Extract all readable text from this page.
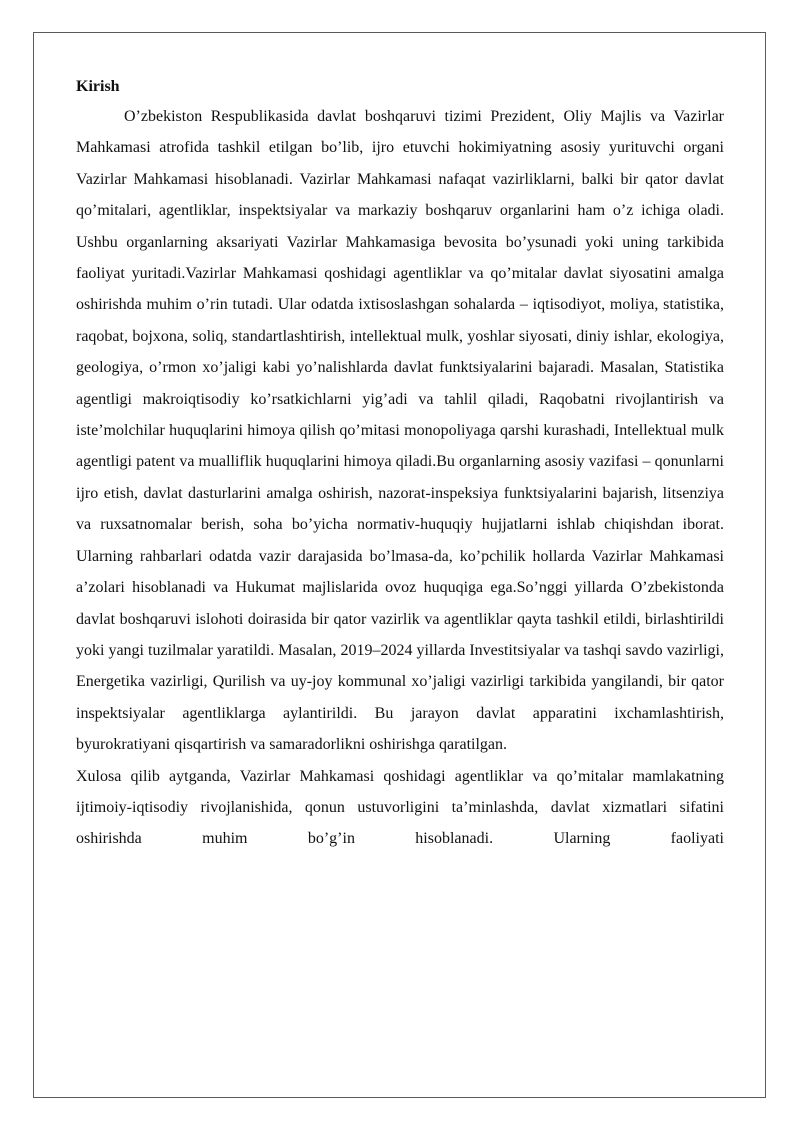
Kirish

O’zbekiston Respublikasida davlat boshqaruvi tizimi Prezident, Oliy Majlis va Vazirlar Mahkamasi atrofida tashkil etilgan bo’lib, ijro etuvchi hokimiyatning asosiy yurituvchi organi Vazirlar Mahkamasi hisoblanadi. Vazirlar Mahkamasi nafaqat vazirliklarni, balki bir qator davlat qo’mitalari, agentliklar, inspektsiyalar va markaziy boshqaruv organlarini ham o’z ichiga oladi. Ushbu organlarning aksariyati Vazirlar Mahkamasiga bevosita bo’ysunadi yoki uning tarkibida faoliyat yuritadi.Vazirlar Mahkamasi qoshidagi agentliklar va qo’mitalar davlat siyosatini amalga oshirishda muhim o’rin tutadi. Ular odatda ixtisoslashgan sohalarda – iqtisodiyot, moliya, statistika, raqobat, bojxona, soliq, standartlashtirish, intellektual mulk, yoshlar siyosati, diniy ishlar, ekologiya, geologiya, o’rmon xo’jaligi kabi yo’nalishlarda davlat funktsiyalarini bajaradi. Masalan, Statistika agentligi makroiqtisodiy ko’rsatkichlarni yig’adi va tahlil qiladi, Raqobatni rivojlantirish va iste’molchilar huquqlarini himoya qilish qo’mitasi monopoliyaga qarshi kurashadi, Intellektual mulk agentligi patent va mualliflik huquqlarini himoya qiladi.Bu organlarning asosiy vazifasi – qonunlarni ijro etish, davlat dasturlarini amalga oshirish, nazorat-inspeksiya funktsiyalarini bajarish, litsenziya va ruxsatnomalar berish, soha bo’yicha normativ-huquqiy hujjatlarni ishlab chiqishdan iborat. Ularning rahbarlari odatda vazir darajasida bo’lmasa-da, ko’pchilik hollarda Vazirlar Mahkamasi a’zolari hisoblanadi va Hukumat majlislarida ovoz huquqiga ega.So’nggi yillarda O’zbekistonda davlat boshqaruvi islohoti doirasida bir qator vazirlik va agentliklar qayta tashkil etildi, birlashtirildi yoki yangi tuzilmalar yaratildi. Masalan, 2019–2024 yillarda Investitsiyalar va tashqi savdo vazirligi, Energetika vazirligi, Qurilish va uy-joy kommunal xo’jaligi vazirligi tarkibida yangilandi, bir qator inspektsiyalar agentliklarga aylantirildi. Bu jarayon davlat apparatini ixchamlashtirish, byurokratiyani qisqartirish va samaradorlikni oshirishga qaratilgan.

Xulosa qilib aytganda, Vazirlar Mahkamasi qoshidagi agentliklar va qo’mitalar mamlakatning ijtimoiy-iqtisodiy rivojlanishida, qonun ustuvorligini ta’minlashda, davlat xizmatlari sifatini oshirishda muhim bo’g’in hisoblanadi. Ularning faoliyati
